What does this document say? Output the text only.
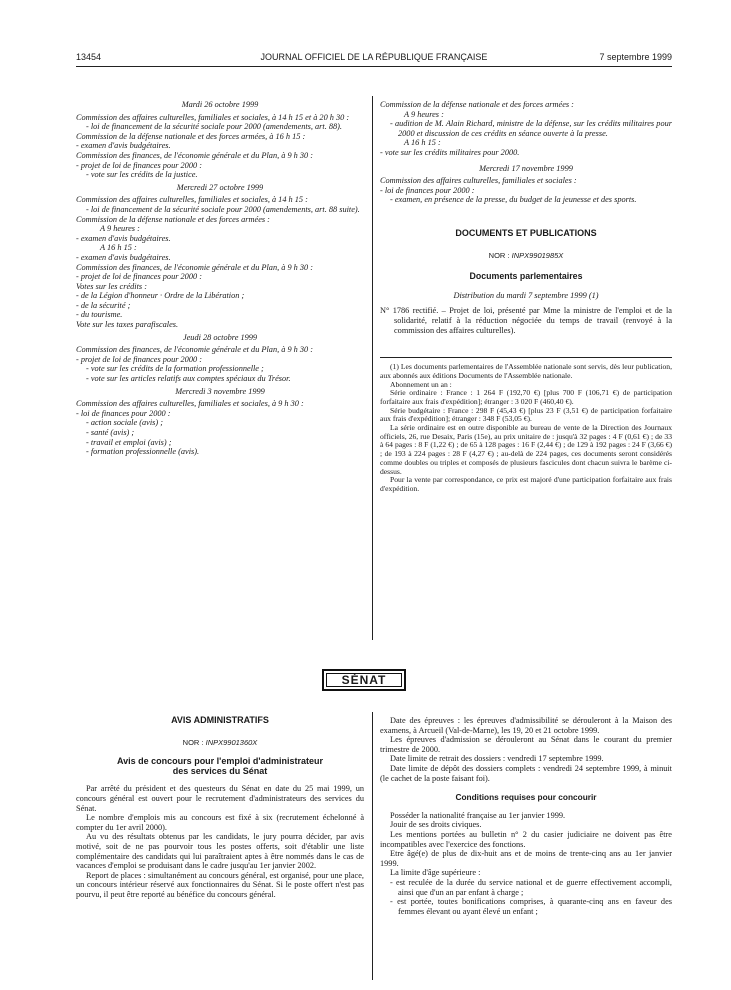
13454	JOURNAL OFFICIEL DE LA RÉPUBLIQUE FRANÇAISE	7 septembre 1999

Mardi 26 octobre 1999

Commission des affaires culturelles, familiales et sociales, à 14 h 15 et à 20 h 30 :

- loi de financement de la sécurité sociale pour 2000 (amendements, art. 88).

Commission de la défense nationale et des forces armées, à 16 h 15 :

- examen d'avis budgétaires.

Commission des finances, de l'économie générale et du Plan, à 9 h 30 :

- projet de loi de finances pour 2000 :

- vote sur les crédits de la justice.

Mercredi 27 octobre 1999

Commission des affaires culturelles, familiales et sociales, à 14 h 15 :

- loi de financement de la sécurité sociale pour 2000 (amendements, art. 88 suite).

Commission de la défense nationale et des forces armées :

A 9 heures :

- examen d'avis budgétaires.

A 16 h 15 :

- examen d'avis budgétaires.

Commission des finances, de l'économie générale et du Plan, à 9 h 30 :

- projet de loi de finances pour 2000 :

Votes sur les crédits :

- de la Légion d'honneur · Ordre de la Libération ;

- de la sécurité ;

- du tourisme.

Vote sur les taxes parafiscales.

Jeudi 28 octobre 1999

Commission des finances, de l'économie générale et du Plan, à 9 h 30 :

- projet de loi de finances pour 2000 :

- vote sur les crédits de la formation professionnelle ;

- vote sur les articles relatifs aux comptes spéciaux du Trésor.

Mercredi 3 novembre 1999

Commission des affaires culturelles, familiales et sociales, à 9 h 30 :

- loi de finances pour 2000 :

- action sociale (avis) ;

- santé (avis) ;

- travail et emploi (avis) ;

- formation professionnelle (avis).

Commission de la défense nationale et des forces armées :

A 9 heures :

- audition de M. Alain Richard, ministre de la défense, sur les crédits militaires pour 2000 et discussion de ces crédits en séance ouverte à la presse.

A 16 h 15 :

- vote sur les crédits militaires pour 2000.

Mercredi 17 novembre 1999

Commission des affaires culturelles, familiales et sociales :

- loi de finances pour 2000 :

- examen, en présence de la presse, du budget de la jeunesse et des sports.

DOCUMENTS ET PUBLICATIONS

NOR : INPX9901985X

Documents parlementaires

Distribution du mardi 7 septembre 1999 (1)

N° 1786 rectifié. – Projet de loi, présenté par Mme la ministre de l'emploi et de la solidarité, relatif à la réduction négociée du temps de travail (renvoyé à la commission des affaires culturelles).

(1) Les documents parlementaires de l'Assemblée nationale sont servis, dès leur publication, aux abonnés aux éditions Documents de l'Assemblée nationale.

Abonnement un an :

Série ordinaire : France : 1 264 F (192,70 €) [plus 700 F (106,71 €) de participation forfaitaire aux frais d'expédition]; étranger : 3 020 F (460,40 €).

Série budgétaire : France : 298 F (45,43 €) [plus 23 F (3,51 €) de participation forfaitaire aux frais d'expédition]; étranger : 348 F (53,05 €).

La série ordinaire est en outre disponible au bureau de vente de la Direction des Journaux officiels, 26, rue Desaix, Paris (15e), au prix unitaire de : jusqu'à 32 pages : 4 F (0,61 €) ; de 33 à 64 pages : 8 F (1,22 €) ; de 65 à 128 pages : 16 F (2,44 €) ; de 129 à 192 pages : 24 F (3,66 €) ; de 193 à 224 pages : 28 F (4,27 €) ; au-delà de 224 pages, ces documents seront considérés comme doubles ou triples et composés de plusieurs fascicules dont chacun suivra le barème ci-dessus.

Pour la vente par correspondance, ce prix est majoré d'une participation forfaitaire aux frais d'expédition.

SÉNAT

AVIS ADMINISTRATIFS

NOR : INPX9901360X

Avis de concours pour l'emploi d'administrateur des services du Sénat

Par arrêté du président et des questeurs du Sénat en date du 25 mai 1999, un concours général est ouvert pour le recrutement d'administrateurs des services du Sénat.

Le nombre d'emplois mis au concours est fixé à six (recrutement échelonné à compter du 1er avril 2000).

Au vu des résultats obtenus par les candidats, le jury pourra décider, par avis motivé, soit de ne pas pourvoir tous les postes offerts, soit d'établir une liste complémentaire des candidats qui lui paraîtraient aptes à être nommés dans le cas de vacances d'emploi se produisant dans le cadre jusqu'au 1er janvier 2002.

Report de places : simultanément au concours général, est organisé, pour une place, un concours intérieur réservé aux fonctionnaires du Sénat. Si le poste offert n'est pas pourvu, il peut être reporté au bénéfice du concours général.

Date des épreuves : les épreuves d'admissibilité se dérouleront à la Maison des examens, à Arcueil (Val-de-Marne), les 19, 20 et 21 octobre 1999.

Les épreuves d'admission se dérouleront au Sénat dans le courant du premier trimestre de 2000.

Date limite de retrait des dossiers : vendredi 17 septembre 1999.

Date limite de dépôt des dossiers complets : vendredi 24 septembre 1999, à minuit (le cachet de la poste faisant foi).

Conditions requises pour concourir

Posséder la nationalité française au 1er janvier 1999.

Jouir de ses droits civiques.

Les mentions portées au bulletin n° 2 du casier judiciaire ne doivent pas être incompatibles avec l'exercice des fonctions.

Etre âgé(e) de plus de dix-huit ans et de moins de trente-cinq ans au 1er janvier 1999.

La limite d'âge supérieure :

- est reculée de la durée du service national et de guerre effectivement accompli, ainsi que d'un an par enfant à charge ;

- est portée, toutes bonifications comprises, à quarante-cinq ans en faveur des femmes élevant ou ayant élevé un enfant ;
